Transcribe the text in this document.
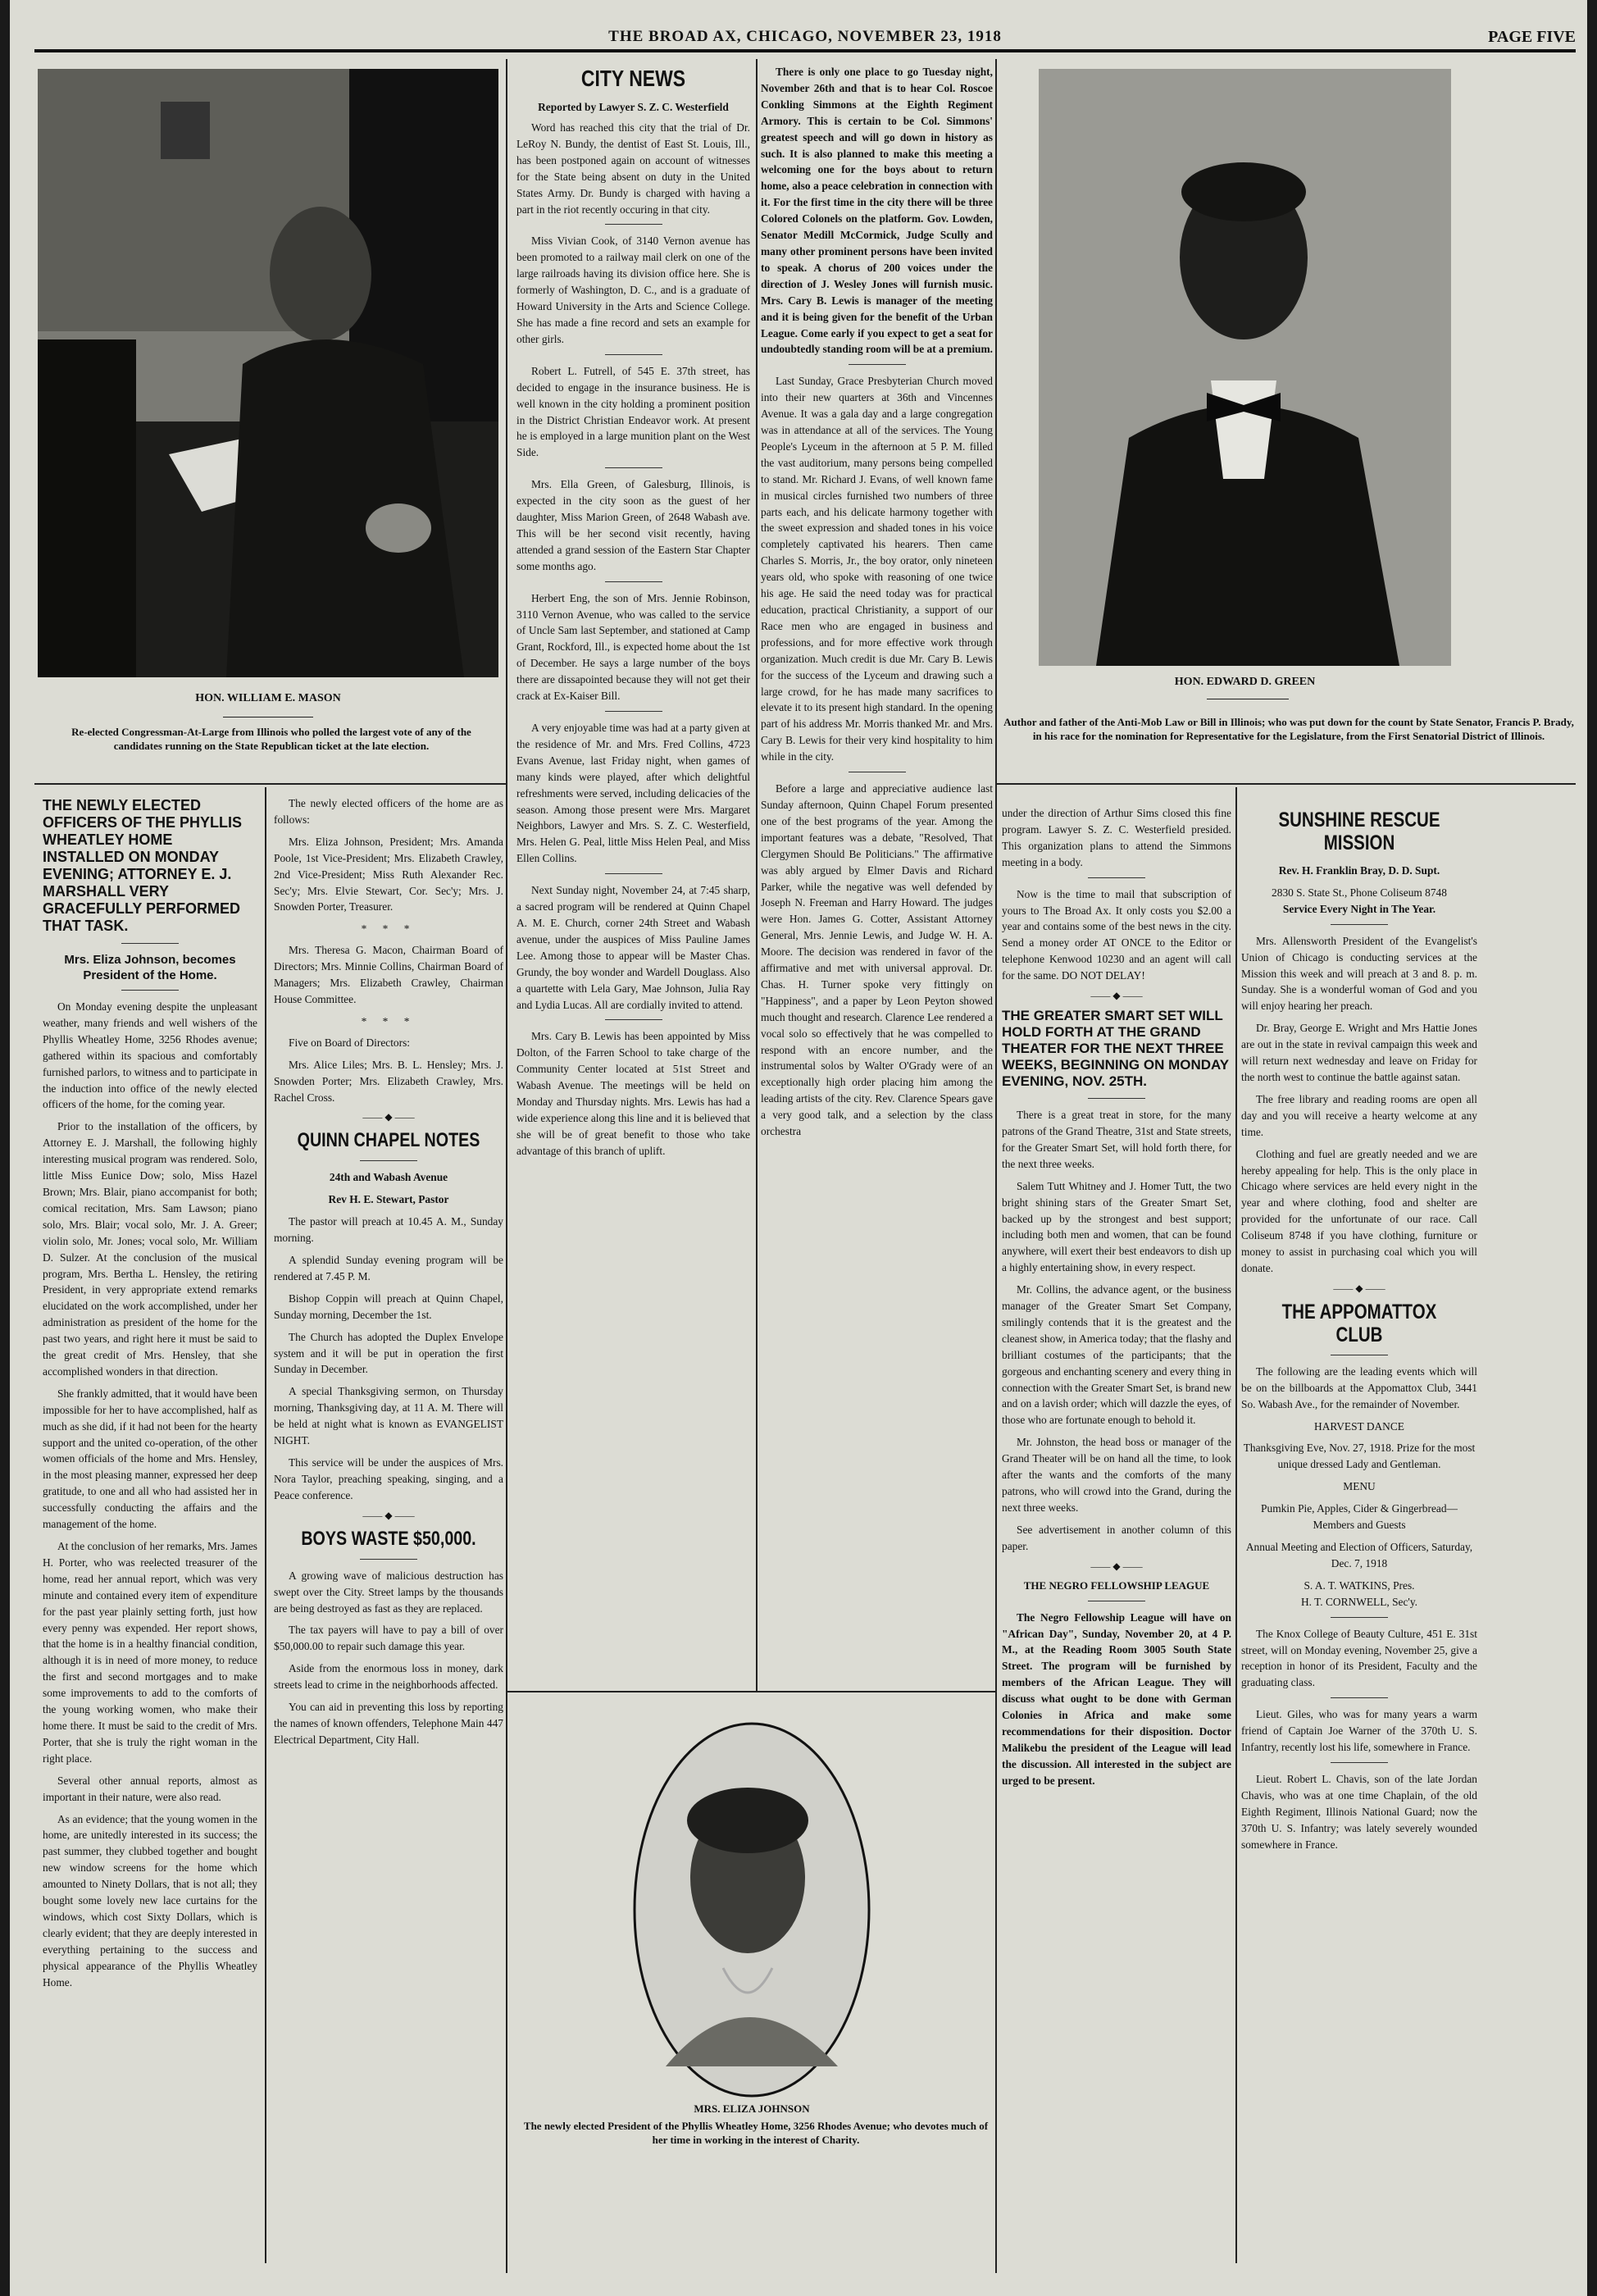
THE BROAD AX, CHICAGO, NOVEMBER 23, 1918	PAGE FIVE
HON. WILLIAM E. MASON
Re-elected Congressman-At-Large from Illinois who polled the largest vote of any of the candidates running on the State Republican ticket at the late election.
HON. EDWARD D. GREEN
Author and father of the Anti-Mob Law or Bill in Illinois; who was put down for the count by State Senator, Francis P. Brady, in his race for the nomination for Representative for the Legislature, from the First Senatorial District of Illinois.
MRS. ELIZA JOHNSON
The newly elected President of the Phyllis Wheatley Home, 3256 Rhodes Avenue; who devotes much of her time in working in the interest of Charity.
THE NEWLY ELECTED OFFICERS OF THE PHYLLIS WHEATLEY HOME INSTALLED ON MONDAY EVENING; ATTORNEY E. J. MARSHALL VERY GRACEFULLY PERFORMED THAT TASK.
Mrs. Eliza Johnson, becomes President of the Home.

On Monday evening despite the unpleasant weather, many friends and well wishers of the Phyllis Wheatley Home, 3256 Rhodes avenue; gathered within its spacious and comfortably furnished parlors, to witness and to participate in the induction into office of the newly elected officers of the home, for the coming year.

Prior to the installation of the officers, by Attorney E. J. Marshall, the following highly interesting musical program was rendered. Solo, little Miss Eunice Dow; solo, Miss Hazel Brown; Mrs. Blair, piano accompanist for both; comical recitation, Mrs. Sam Lawson; piano solo, Mrs. Blair; vocal solo, Mr. J. A. Greer; violin solo, Mr. Jones; vocal solo, Mr. William D. Sulzer. At the conclusion of the musical program, Mrs. Bertha L. Hensley, the retiring President, in very appropriate extend remarks elucidated on the work accomplished, under her administration as president of the home for the past two years, and right here it must be said to the great credit of Mrs. Hensley, that she accomplished wonders in that direction.

She frankly admitted, that it would have been impossible for her to have accomplished, half as much as she did, if it had not been for the hearty support and the united co-operation, of the other women officials of the home and Mrs. Hensley, in the most pleasing manner, expressed her deep gratitude, to one and all who had assisted her in successfully conducting the affairs and the management of the home.

At the conclusion of her remarks, Mrs. James H. Porter, who was reelected treasurer of the home, read her annual report, which was very minute and contained every item of expenditure for the past year plainly setting forth, just how every penny was expended. Her report shows, that the home is in a healthy financial condition, although it is in need of more money, to reduce the first and second mortgages and to make some improvements to add to the comforts of the young working women, who make their home there. It must be said to the credit of Mrs. Porter, that she is truly the right woman in the right place.

Several other annual reports, almost as important in their nature, were also read.

As an evidence; that the young women in the home, are unitedly interested in its success; the past summer, they clubbed together and bought new window screens for the home which amounted to Ninety Dollars, that is not all; they bought some lovely new lace curtains for the windows, which cost Sixty Dollars, which is clearly evident; that they are deeply interested in everything pertaining to the success and physical appearance of the Phyllis Wheatley Home.

The newly elected officers of the home are as follows:

Mrs. Eliza Johnson, President; Mrs. Amanda Poole, 1st Vice-President; Mrs. Elizabeth Crawley, 2nd Vice-President; Miss Ruth Alexander Rec. Sec'y; Mrs. Elvie Stewart, Cor. Sec'y; Mrs. J. Snowden Porter, Treasurer.

* * *

Mrs. Theresa G. Macon, Chairman Board of Directors; Mrs. Minnie Collins, Chairman Board of Managers; Mrs. Elizabeth Crawley, Chairman House Committee.

* * *

Five on Board of Directors:

Mrs. Alice Liles; Mrs. B. L. Hensley; Mrs. J. Snowden Porter; Mrs. Elizabeth Crawley, Mrs. Rachel Cross.

—— ◆ ——
QUINN CHAPEL NOTES

24th and Wabash Avenue

Rev H. E. Stewart, Pastor

The pastor will preach at 10.45 A. M., Sunday morning.

A splendid Sunday evening program will be rendered at 7.45 P. M.

Bishop Coppin will preach at Quinn Chapel, Sunday morning, December the 1st.

The Church has adopted the Duplex Envelope system and it will be put in operation the first Sunday in December.

A special Thanksgiving sermon, on Thursday morning, Thanksgiving day, at 11 A. M. There will be held at night what is known as EVANGELIST NIGHT.

This service will be under the auspices of Mrs. Nora Taylor, preaching speaking, singing, and a Peace conference.

—— ◆ ——
BOYS WASTE $50,000.

A growing wave of malicious destruction has swept over the City. Street lamps by the thousands are being destroyed as fast as they are replaced.

The tax payers will have to pay a bill of over $50,000.00 to repair such damage this year.

Aside from the enormous loss in money, dark streets lead to crime in the neighborhoods affected.

You can aid in preventing this loss by reporting the names of known offenders, Telephone Main 447 Electrical Department, City Hall.

CITY NEWS

Reported by Lawyer S. Z. C. Westerfield

Word has reached this city that the trial of Dr. LeRoy N. Bundy, the dentist of East St. Louis, Ill., has been postponed again on account of witnesses for the State being absent on duty in the United States Army. Dr. Bundy is charged with having a part in the riot recently occuring in that city.

Miss Vivian Cook, of 3140 Vernon avenue has been promoted to a railway mail clerk on one of the large railroads having its division office here. She is formerly of Washington, D. C., and is a graduate of Howard University in the Arts and Science College. She has made a fine record and sets an example for other girls.

Robert L. Futrell, of 545 E. 37th street, has decided to engage in the insurance business. He is well known in the city holding a prominent position in the District Christian Endeavor work. At present he is employed in a large munition plant on the West Side.

Mrs. Ella Green, of Galesburg, Illinois, is expected in the city soon as the guest of her daughter, Miss Marion Green, of 2648 Wabash ave. This will be her second visit recently, having attended a grand session of the Eastern Star Chapter some months ago.

Herbert Eng, the son of Mrs. Jennie Robinson, 3110 Vernon Avenue, who was called to the service of Uncle Sam last September, and stationed at Camp Grant, Rockford, Ill., is expected home about the 1st of December. He says a large number of the boys there are dissapointed because they will not get their crack at Ex-Kaiser Bill.

A very enjoyable time was had at a party given at the residence of Mr. and Mrs. Fred Collins, 4723 Evans Avenue, last Friday night, when games of many kinds were played, after which delightful refreshments were served, including delicacies of the season. Among those present were Mrs. Margaret Neighbors, Lawyer and Mrs. S. Z. C. Westerfield, Mrs. Helen G. Peal, little Miss Helen Peal, and Miss Ellen Collins.

Next Sunday night, November 24, at 7:45 sharp, a sacred program will be rendered at Quinn Chapel A. M. E. Church, corner 24th Street and Wabash avenue, under the auspices of Miss Pauline James Lee. Among those to appear will be Master Chas. Grundy, the boy wonder and Wardell Douglass. Also a quartette with Lela Gary, Mae Johnson, Julia Ray and Lydia Lucas. All are cordially invited to attend.

Mrs. Cary B. Lewis has been appointed by Miss Dolton, of the Farren School to take charge of the Community Center located at 51st Street and Wabash Avenue. The meetings will be held on Monday and Thursday nights. Mrs. Lewis has had a wide experience along this line and it is believed that she will be of great benefit to those who take advantage of this branch of uplift.

There is only one place to go Tuesday night, November 26th and that is to hear Col. Roscoe Conkling Simmons at the Eighth Regiment Armory. This is certain to be Col. Simmons' greatest speech and will go down in history as such. It is also planned to make this meeting a welcoming one for the boys about to return home, also a peace celebration in connection with it. For the first time in the city there will be three Colored Colonels on the platform. Gov. Lowden, Senator Medill McCormick, Judge Scully and many other prominent persons have been invited to speak. A chorus of 200 voices under the direction of J. Wesley Jones will furnish music. Mrs. Cary B. Lewis is manager of the meeting and it is being given for the benefit of the Urban League. Come early if you expect to get a seat for undoubtedly standing room will be at a premium.

Last Sunday, Grace Presbyterian Church moved into their new quarters at 36th and Vincennes Avenue. It was a gala day and a large congregation was in attendance at all of the services. The Young People's Lyceum in the afternoon at 5 P. M. filled the vast auditorium, many persons being compelled to stand. Mr. Richard J. Evans, of well known fame in musical circles furnished two numbers of three parts each, and his delicate harmony together with the sweet expression and shaded tones in his voice completely captivated his hearers. Then came Charles S. Morris, Jr., the boy orator, only nineteen years old, who spoke with reasoning of one twice his age. He said the need today was for practical education, practical Christianity, a support of our Race men who are engaged in business and professions, and for more effective work through organization. Much credit is due Mr. Cary B. Lewis for the success of the Lyceum and drawing such a large crowd, for he has made many sacrifices to elevate it to its present high standard. In the opening part of his address Mr. Morris thanked Mr. and Mrs. Cary B. Lewis for their very kind hospitality to him while in the city.

Before a large and appreciative audience last Sunday afternoon, Quinn Chapel Forum presented one of the best programs of the year. Among the important features was a debate, "Resolved, That Clergymen Should Be Politicians." The affirmative was ably argued by Elmer Davis and Richard Parker, while the negative was well defended by Joseph N. Freeman and Harry Howard. The judges were Hon. James G. Cotter, Assistant Attorney General, Mrs. Jennie Lewis, and Judge W. H. A. Moore. The decision was rendered in favor of the affirmative and met with universal approval. Dr. Chas. H. Turner spoke very fittingly on "Happiness", and a paper by Leon Peyton showed much thought and research. Clarence Lee rendered a vocal solo so effectively that he was compelled to respond with an encore number, and the instrumental solos by Walter O'Grady were of an exceptionally high order placing him among the leading artists of the city. Rev. Clarence Spears gave a very good talk, and a selection by the class orchestra

under the direction of Arthur Sims closed this fine program. Lawyer S. Z. C. Westerfield presided. This organization plans to attend the Simmons meeting in a body.

Now is the time to mail that subscription of yours to The Broad Ax. It only costs you $2.00 a year and contains some of the best news in the city. Send a money order AT ONCE to the Editor or telephone Kenwood 10230 and an agent will call for the same. DO NOT DELAY!

—— ◆ ——
THE GREATER SMART SET WILL HOLD FORTH AT THE GRAND THEATER FOR THE NEXT THREE WEEKS, BEGINNING ON MONDAY EVENING, NOV. 25TH.

There is a great treat in store, for the many patrons of the Grand Theatre, 31st and State streets, for the Greater Smart Set, will hold forth there, for the next three weeks.

Salem Tutt Whitney and J. Homer Tutt, the two bright shining stars of the Greater Smart Set, backed up by the strongest and best support; including both men and women, that can be found anywhere, will exert their best endeavors to dish up a highly entertaining show, in every respect.

Mr. Collins, the advance agent, or the business manager of the Greater Smart Set Company, smilingly contends that it is the greatest and the cleanest show, in America today; that the flashy and brilliant costumes of the participants; that the gorgeous and enchanting scenery and every thing in connection with the Greater Smart Set, is brand new and on a lavish order; which will dazzle the eyes, of those who are fortunate enough to behold it.

Mr. Johnston, the head boss or manager of the Grand Theater will be on hand all the time, to look after the wants and the comforts of the many patrons, who will crowd into the Grand, during the next three weeks.

See advertisement in another column of this paper.

—— ◆ ——
THE NEGRO FELLOWSHIP LEAGUE

The Negro Fellowship League will have on "African Day", Sunday, November 20, at 4 P. M., at the Reading Room 3005 South State Street. The program will be furnished by members of the African League. They will discuss what ought to be done with German Colonies in Africa and make some recommendations for their disposition. Doctor Malikebu the president of the League will lead the discussion. All interested in the subject are urged to be present.

SUNSHINE RESCUE MISSION

Rev. H. Franklin Bray, D. D. Supt.

2830 S. State St., Phone Coliseum 8748

Service Every Night in The Year.

Mrs. Allensworth President of the Evangelist's Union of Chicago is conducting services at the Mission this week and will preach at 3 and 8. p. m. Sunday. She is a wonderful woman of God and you will enjoy hearing her preach.

Dr. Bray, George E. Wright and Mrs Hattie Jones are out in the state in revival campaign this week and will return next wednesday and leave on Friday for the north west to continue the battle against satan.

The free library and reading rooms are open all day and you will receive a hearty welcome at any time.

Clothing and fuel are greatly needed and we are hereby appealing for help. This is the only place in Chicago where services are held every night in the year and where clothing, food and shelter are provided for the unfortunate of our race. Call Coliseum 8748 if you have clothing, furniture or money to assist in purchasing coal which you will donate.

—— ◆ ——
THE APPOMATTOX CLUB

The following are the leading events which will be on the billboards at the Appomattox Club, 3441 So. Wabash Ave., for the remainder of November.

HARVEST DANCE

Thanksgiving Eve, Nov. 27, 1918. Prize for the most unique dressed Lady and Gentleman.

MENU

Pumkin Pie, Apples, Cider & Gingerbread—Members and Guests

Annual Meeting and Election of Officers, Saturday, Dec. 7, 1918

S. A. T. WATKINS, Pres.

H. T. CORNWELL, Sec'y.

The Knox College of Beauty Culture, 451 E. 31st street, will on Monday evening, November 25, give a reception in honor of its President, Faculty and the graduating class.

Lieut. Giles, who was for many years a warm friend of Captain Joe Warner of the 370th U. S. Infantry, recently lost his life, somewhere in France.

Lieut. Robert L. Chavis, son of the late Jordan Chavis, who was at one time Chaplain, of the old Eighth Regiment, Illinois National Guard; now the 370th U. S. Infantry; was lately severely wounded somewhere in France.
